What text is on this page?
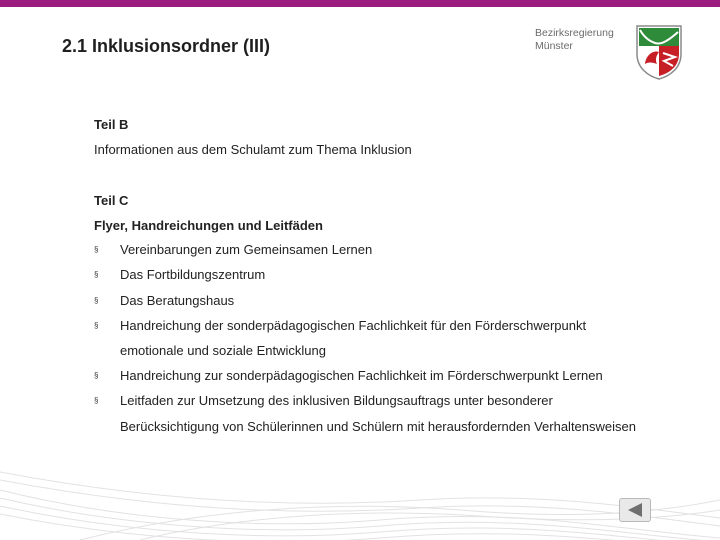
2.1 Inklusionsordner (III)
Bezirksregierung
Münster
Teil B
Informationen aus dem Schulamt zum Thema Inklusion
Teil C
Flyer, Handreichungen und Leitfäden
§ Vereinbarungen zum Gemeinsamen Lernen
§ Das Fortbildungszentrum
§ Das Beratungshaus
§ Handreichung der sonderpädagogischen Fachlichkeit für den Förderschwerpunkt
emotionale und soziale Entwicklung
§ Handreichung zur sonderpädagogischen Fachlichkeit im Förderschwerpunkt Lernen
§ Leitfaden zur Umsetzung des inklusiven Bildungsauftrags unter besonderer
Berücksichtigung von Schülerinnen und Schülern mit herausfordernden Verhaltensweisen
